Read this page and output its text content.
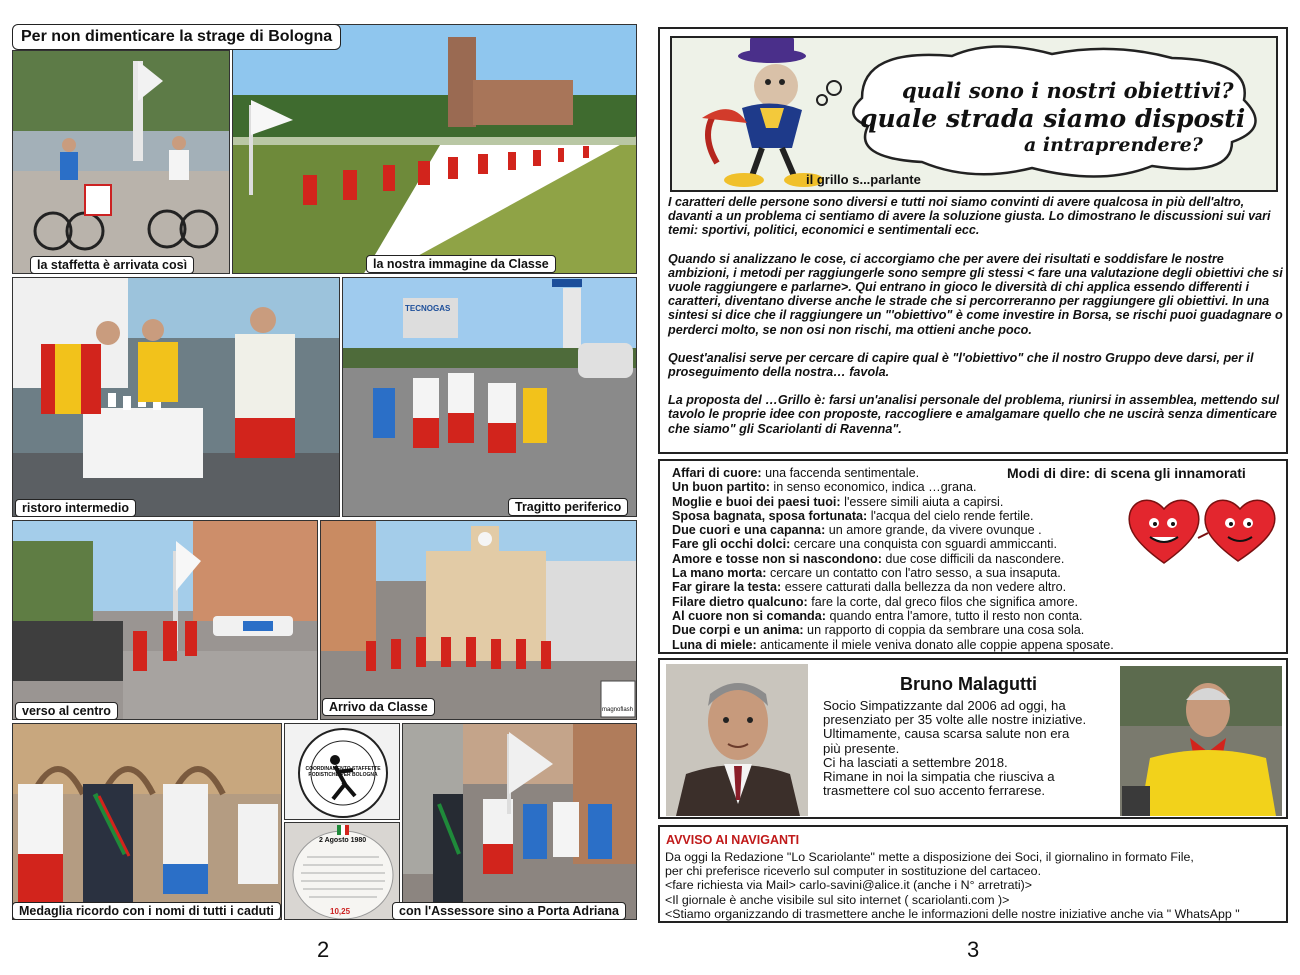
la staffetta è arrivata così	la nostra immagine da Classe
Per non dimenticare la strage di Bologna
ristoro intermedio
TECNOGAS
Tragitto periferico
verso al centro	magnoflash
Arrivo da Classe
COORDINAMENTO STAFFETTE PODISTICHE PER BOLOGNA
2 Agosto 1980
10,25
Medaglia ricordo con i nomi di tutti i caduti	con l'Assessore sino a Porta Adriana
2
quali sono i nostri obiettivi?
quale strada siamo disposti
a intraprendere?
il grillo s...parlante

I caratteri delle persone sono diversi e tutti noi siamo convinti di avere qualcosa in più dell'altro, davanti a un problema ci sentiamo di avere la soluzione giusta. Lo dimostrano le discussioni sui vari temi: sportivi, politici, economici e sentimentali ecc.

Quando si analizzano le cose, ci accorgiamo che per avere dei risultati e soddisfare le nostre ambizioni, i metodi per raggiungerle sono sempre gli stessi < fare una valutazione degli obiettivi che si vuole raggiungere e parlarne>. Qui entrano in gioco le diversità di chi applica essendo differenti i caratteri, diventano diverse anche le strade che si percorreranno per raggiungere gli obiettivi. In una sintesi si dice che il raggiungere un "'obiettivo" è come investire in Borsa, se rischi puoi guadagnare o perderci molto, se non osi non rischi, ma ottieni anche poco.

Quest'analisi serve per cercare di capire qual è "l'obiettivo" che il nostro Gruppo deve darsi, per il proseguimento della nostra… favola.

La proposta del …Grillo è: farsi un'analisi personale del problema, riunirsi in assemblea, mettendo sul tavolo le proprie idee con proposte, raccogliere e amalgamare quello che ne uscirà senza dimenticare che siamo" gli Scariolanti di Ravenna".

Modi di dire: di scena gli innamorati
Affari di cuore: una faccenda sentimentale.
Un buon partito: in senso economico, indica …grana.
Moglie e buoi dei paesi tuoi: l'essere simili aiuta a capirsi.
Sposa bagnata, sposa fortunata: l'acqua del cielo rende fertile.
Due cuori e una capanna: un amore grande, da vivere ovunque .
Fare gli occhi dolci: cercare una conquista con sguardi ammiccanti.
Amore e tosse non si nascondono: due cose difficili da nascondere.
La mano morta: cercare un contatto con l'atro sesso, a sua insaputa.
Far girare la testa: essere catturati dalla bellezza da non vedere altro.
Filare dietro qualcuno: fare la corte, dal greco filos che significa amore.
Al cuore non si comanda: quando entra l'amore, tutto il resto non conta.
Due corpi e un anima: un rapporto di coppia da sembrare una cosa sola.
Luna di miele: anticamente il miele veniva donato alle coppie appena sposate.
Bruno Malagutti
Socio Simpatizzante dal 2006 ad oggi, ha
presenziato per 35 volte alle nostre iniziative.
Ultimamente, causa scarsa salute non era
più presente.
Ci ha lasciati a settembre 2018.
Rimane in noi la simpatia che riusciva a
trasmettere col suo accento ferrarese.
AVVISO AI NAVIGANTI
Da oggi la Redazione "Lo Scariolante" mette a disposizione dei Soci, il giornalino in formato File,
per chi preferisce riceverlo sul computer in sostituzione del cartaceo.
<fare richiesta via Mail> carlo-savini@alice.it (anche i N° arretrati)>
<Il giornale è anche visibile sul sito internet ( scariolanti.com )>
<Stiamo organizzando di trasmettere anche le informazioni delle nostre iniziative anche via " WhatsApp "
3
